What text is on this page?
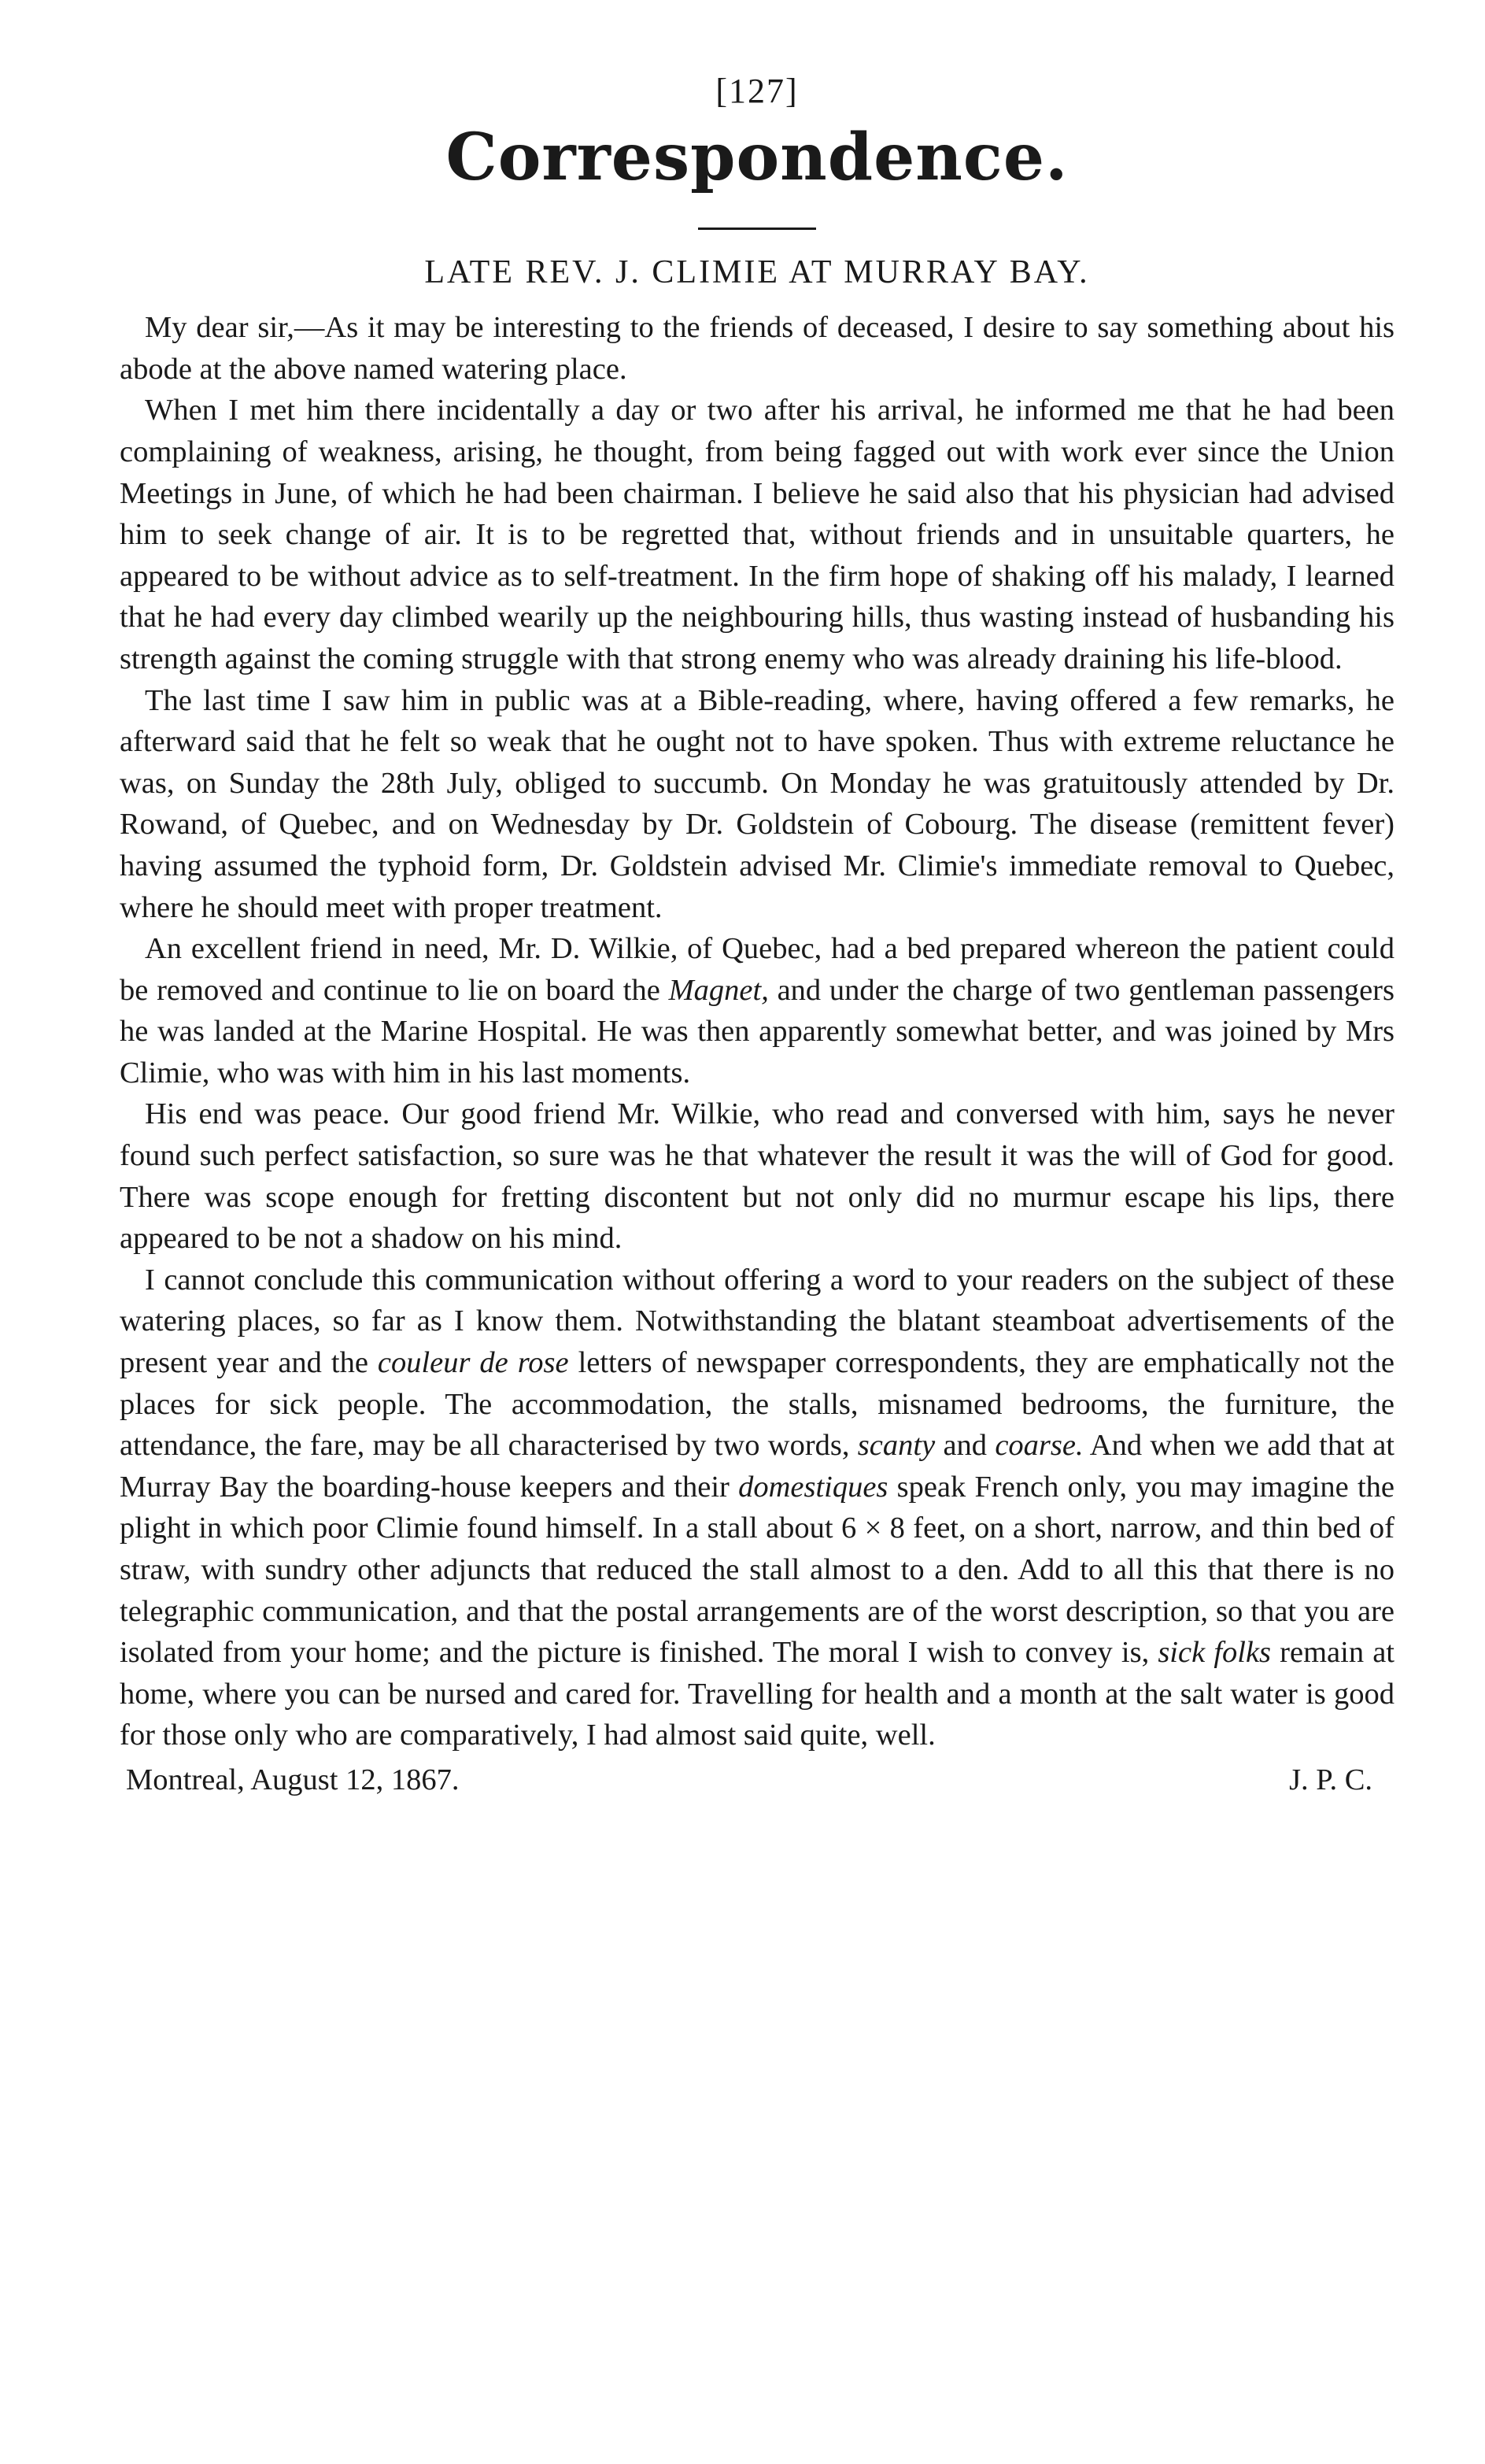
[127]
Correspondence.
LATE REV. J. CLIMIE AT MURRAY BAY.

My dear sir,—As it may be interesting to the friends of deceased, I desire to say something about his abode at the above named watering place.

When I met him there incidentally a day or two after his arrival, he informed me that he had been complaining of weakness, arising, he thought, from being fagged out with work ever since the Union Meetings in June, of which he had been chairman. I believe he said also that his physician had advised him to seek change of air. It is to be regretted that, without friends and in unsuitable quarters, he appeared to be without advice as to self-treatment. In the firm hope of shaking off his malady, I learned that he had every day climbed wearily up the neighbouring hills, thus wasting instead of husbanding his strength against the coming struggle with that strong enemy who was already draining his life-blood.

The last time I saw him in public was at a Bible-reading, where, having offered a few remarks, he afterward said that he felt so weak that he ought not to have spoken. Thus with extreme reluctance he was, on Sunday the 28th July, obliged to succumb. On Monday he was gratuitously attended by Dr. Rowand, of Quebec, and on Wednesday by Dr. Goldstein of Cobourg. The disease (remittent fever) having assumed the typhoid form, Dr. Goldstein advised Mr. Climie's immediate removal to Quebec, where he should meet with proper treatment.

An excellent friend in need, Mr. D. Wilkie, of Quebec, had a bed prepared whereon the patient could be removed and continue to lie on board the Magnet, and under the charge of two gentleman passengers he was landed at the Marine Hospital. He was then apparently somewhat better, and was joined by Mrs Climie, who was with him in his last moments.

His end was peace. Our good friend Mr. Wilkie, who read and conversed with him, says he never found such perfect satisfaction, so sure was he that whatever the result it was the will of God for good. There was scope enough for fretting discontent but not only did no murmur escape his lips, there appeared to be not a shadow on his mind.

I cannot conclude this communication without offering a word to your readers on the subject of these watering places, so far as I know them. Notwithstanding the blatant steamboat advertisements of the present year and the couleur de rose letters of newspaper correspondents, they are emphatically not the places for sick people. The accommodation, the stalls, misnamed bedrooms, the furniture, the attendance, the fare, may be all characterised by two words, scanty and coarse. And when we add that at Murray Bay the boarding-house keepers and their domestiques speak French only, you may imagine the plight in which poor Climie found himself. In a stall about 6 × 8 feet, on a short, narrow, and thin bed of straw, with sundry other adjuncts that reduced the stall almost to a den. Add to all this that there is no telegraphic communication, and that the postal arrangements are of the worst description, so that you are isolated from your home; and the picture is finished. The moral I wish to convey is, sick folks remain at home, where you can be nursed and cared for. Travelling for health and a month at the salt water is good for those only who are comparatively, I had almost said quite, well.

Montreal, August 12, 1867.	J. P. C.
